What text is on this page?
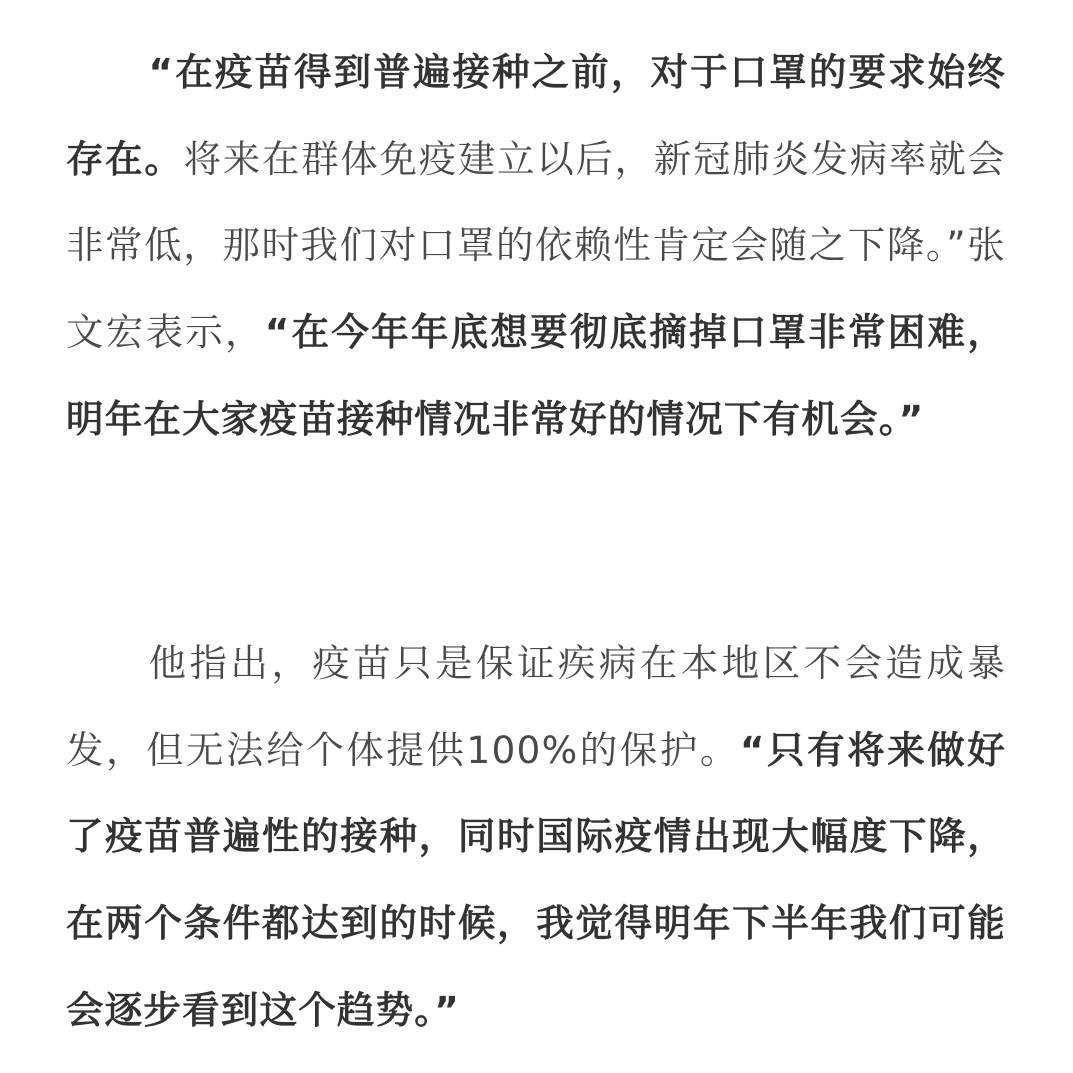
“在疫苗得到普遍接种之前，对于口罩的要求始终存在。将来在群体免疫建立以后，新冠肺炎发病率就会非常低，那时我们对口罩的依赖性肯定会随之下降。”张文宏表示，“在今年年底想要彻底摘掉口罩非常困难，明年在大家疫苗接种情况非常好的情况下有机会。”

他指出，疫苗只是保证疾病在本地区不会造成暴发，但无法给个体提供100%的保护。“只有将来做好了疫苗普遍性的接种，同时国际疫情出现大幅度下降，在两个条件都达到的时候，我觉得明年下半年我们可能会逐步看到这个趋势。”
